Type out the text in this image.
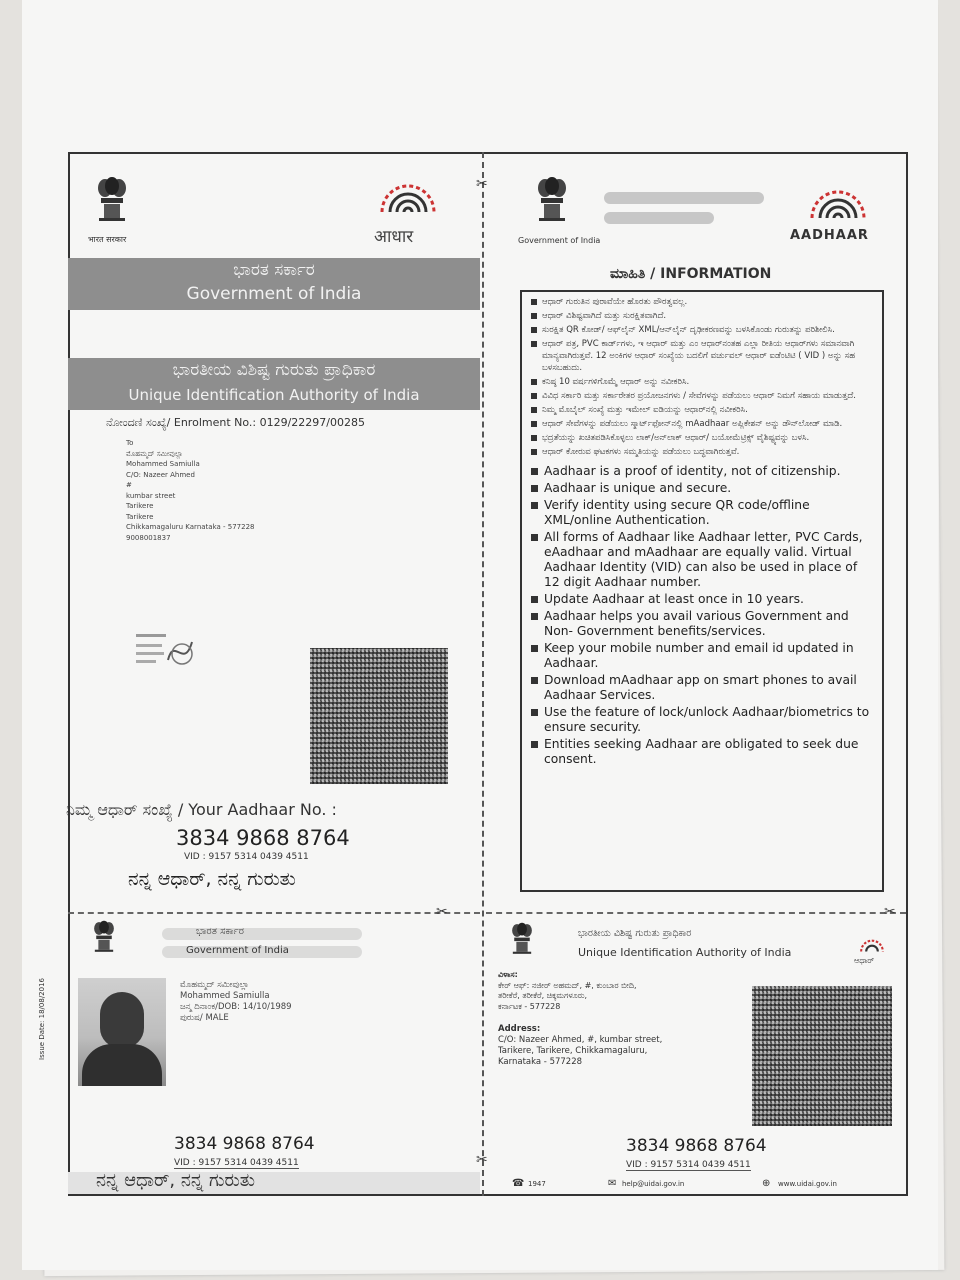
✂
✂	✂
✂
भारत सरकार	आधार
ಭಾರತ ಸರ್ಕಾರ
Government of India
ಭಾರತೀಯ ವಿಶಿಷ್ಟ ಗುರುತು ಪ್ರಾಧಿಕಾರ
Unique Identification Authority of India
ನೋಂದಣಿ ಸಂಖ್ಯೆ/ Enrolment No.: 0129/22297/00285
To
ಮೊಹಮ್ಮದ್ ಸಮೀವುಲ್ಲಾ
Mohammed Samiulla
C/O: Nazeer Ahmed
#
kumbar street
Tarikere
Tarikere
Chikkamagaluru Karnataka - 577228
9008001837
ನಿಮ್ಮ ಆಧಾರ್ ಸಂಖ್ಯೆ / Your Aadhaar No. :
3834 9868 8764
VID : 9157 5314 0439 4511
ನನ್ನ ಆಧಾರ್, ನನ್ನ ಗುರುತು
Government of India	AADHAAR
ಮಾಹಿತಿ / INFORMATION
ಆಧಾರ್ ಗುರುತಿನ ಪುರಾವೆಯೇ ಹೊರತು ಪೌರತ್ವವಲ್ಲ.
ಆಧಾರ್ ವಿಶಿಷ್ಟವಾಗಿದೆ ಮತ್ತು ಸುರಕ್ಷಿತವಾಗಿದೆ.
ಸುರಕ್ಷಿತ QR ಕೋಡ್/ ಆಫ್‌ಲೈನ್ XML/ಆನ್‌ಲೈನ್ ದೃಢೀಕರಣವನ್ನು ಬಳಸಿಕೊಂಡು ಗುರುತನ್ನು ಪರಿಶೀಲಿಸಿ.
ಆಧಾರ್ ಪತ್ರ, PVC ಕಾರ್ಡ್‌ಗಳು, ಇ ಆಧಾರ್ ಮತ್ತು ಎಂ ಆಧಾರ್‌ನಂತಹ ಎಲ್ಲಾ ರೀತಿಯ ಆಧಾರ್‌ಗಳು ಸಮಾನವಾಗಿ ಮಾನ್ಯವಾಗಿರುತ್ತವೆ. 12 ಅಂಕಿಗಳ ಆಧಾರ್ ಸಂಖ್ಯೆಯ ಬದಲಿಗೆ ವರ್ಚುವಲ್ ಆಧಾರ್ ಐಡೆಂಟಿಟಿ ( VID ) ಅನ್ನು ಸಹ ಬಳಸಬಹುದು.
ಕನಿಷ್ಠ 10 ವರ್ಷಗಳಿಗೊಮ್ಮೆ ಆಧಾರ್ ಅನ್ನು ನವೀಕರಿಸಿ.
ವಿವಿಧ ಸರ್ಕಾರಿ ಮತ್ತು ಸರ್ಕಾರೇತರ ಪ್ರಯೋಜನಗಳು / ಸೇವೆಗಳನ್ನು ಪಡೆಯಲು ಆಧಾರ್ ನಿಮಗೆ ಸಹಾಯ ಮಾಡುತ್ತದೆ.
ನಿಮ್ಮ ಮೊಬೈಲ್ ಸಂಖ್ಯೆ ಮತ್ತು ಇಮೇಲ್ ಐಡಿಯನ್ನು ಆಧಾರ್‌ನಲ್ಲಿ ನವೀಕರಿಸಿ.
ಆಧಾರ್ ಸೇವೆಗಳನ್ನು ಪಡೆಯಲು ಸ್ಮಾರ್ಟ್‌ಫೋನ್‌ನಲ್ಲಿ mAadhaar ಅಪ್ಲಿಕೇಶನ್ ಅನ್ನು ಡೌನ್‌ಲೋಡ್ ಮಾಡಿ.
ಭದ್ರತೆಯನ್ನು ಖಚಿತಪಡಿಸಿಕೊಳ್ಳಲು ಲಾಕ್/ಅನ್‌ಲಾಕ್ ಆಧಾರ್/ ಬಯೋಮೆಟ್ರಿಕ್ಸ್ ವೈಶಿಷ್ಟ್ಯವನ್ನು ಬಳಸಿ.
ಆಧಾರ್ ಕೋರುವ ಘಟಕಗಳು ಸಮ್ಮತಿಯನ್ನು ಪಡೆಯಲು ಬದ್ಧವಾಗಿರುತ್ತವೆ.
Aadhaar is a proof of identity, not of citizenship.
Aadhaar is unique and secure.
Verify identity using secure QR code/offline XML/online Authentication.
All forms of Aadhaar like Aadhaar letter, PVC Cards, eAadhaar and mAadhaar are equally valid. Virtual Aadhaar Identity (VID) can also be used in place of 12 digit Aadhaar number.
Update Aadhaar at least once in 10 years.
Aadhaar helps you avail various Government and Non- Government benefits/services.
Keep your mobile number and email id updated in Aadhaar.
Download mAadhaar app on smart phones to avail Aadhaar Services.
Use the feature of lock/unlock Aadhaar/biometrics to ensure security.
Entities seeking Aadhaar are obligated to seek due consent.
ಭಾರತ ಸರ್ಕಾರ
Government of India
Issue Date: 18/08/2016	ಮೊಹಮ್ಮದ್ ಸಮೀವುಲ್ಲಾ
Mohammed Samiulla
ಜನ್ಮ ದಿನಾಂಕ/DOB: 14/10/1989
ಪುರುಷ/ MALE
3834 9868 8764
VID : 9157 5314 0439 4511
ನನ್ನ ಆಧಾರ್, ನನ್ನ ಗುರುತು
ಭಾರತೀಯ ವಿಶಿಷ್ಟ ಗುರುತು ಪ್ರಾಧಿಕಾರ
Unique Identification Authority of India
ಆಧಾರ್
ವಿಳಾಸ:
ಕೇರ್ ಆಫ್: ನಜೀರ್ ಅಹಮದ್, #, ಕುಂಬಾರ ಬೀದಿ,
ತರೀಕೆರೆ, ತರೀಕೆರೆ, ಚಿಕ್ಕಮಗಳೂರು,
ಕರ್ನಾಟಕ - 577228
Address:
C/O: Nazeer Ahmed, #, kumbar street,
Tarikere, Tarikere, Chikkamagaluru,
Karnataka - 577228
3834 9868 8764
VID : 9157 5314 0439 4511
☎ 1947	✉ help@uidai.gov.in	⊕ www.uidai.gov.in
